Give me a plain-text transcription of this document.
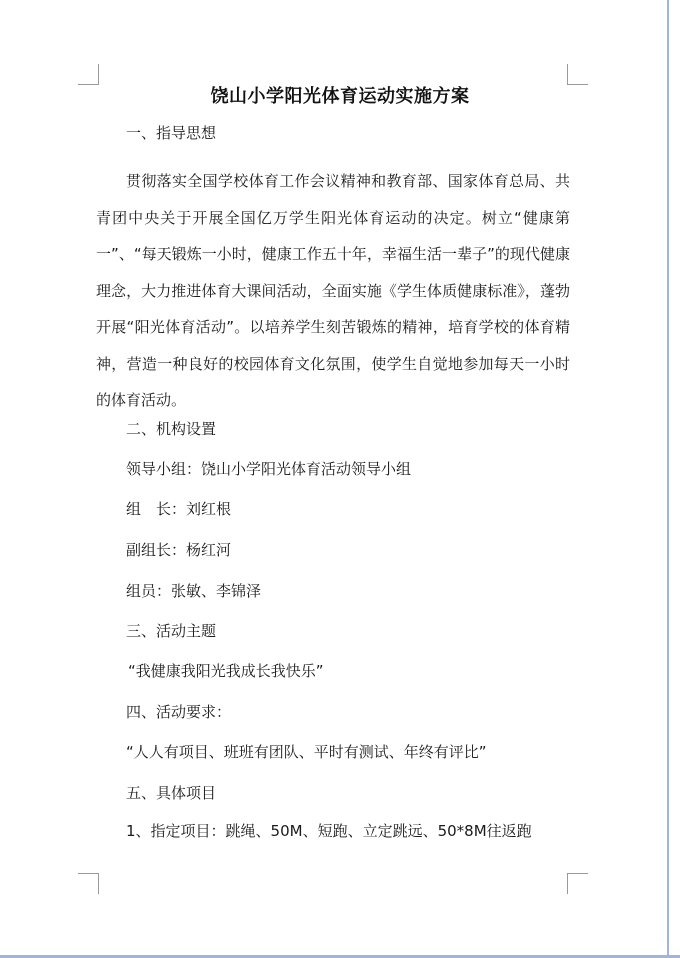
饶山小学阳光体育运动实施方案
一、指导思想
贯彻落实全国学校体育工作会议精神和教育部、国家体育总局、共青团中央关于开展全国亿万学生阳光体育运动的决定。树立“健康第一”、“每天锻炼一小时，健康工作五十年，幸福生活一辈子”的现代健康理念，大力推进体育大课间活动，全面实施《学生体质健康标准》，蓬勃开展“阳光体育活动”。以培养学生刻苦锻炼的精神，培育学校的体育精神，营造一种良好的校园体育文化氛围，使学生自觉地参加每天一小时的体育活动。
二、机构设置
领导小组：饶山小学阳光体育活动领导小组
组　长：刘红根
副组长：杨红河
组员：张敏、李锦泽
三、活动主题
“我健康我阳光我成长我快乐”
四、活动要求：
“人人有项目、班班有团队、平时有测试、年终有评比”
五、具体项目
1、指定项目：跳绳、50M、短跑、立定跳远、50*8M往返跑
